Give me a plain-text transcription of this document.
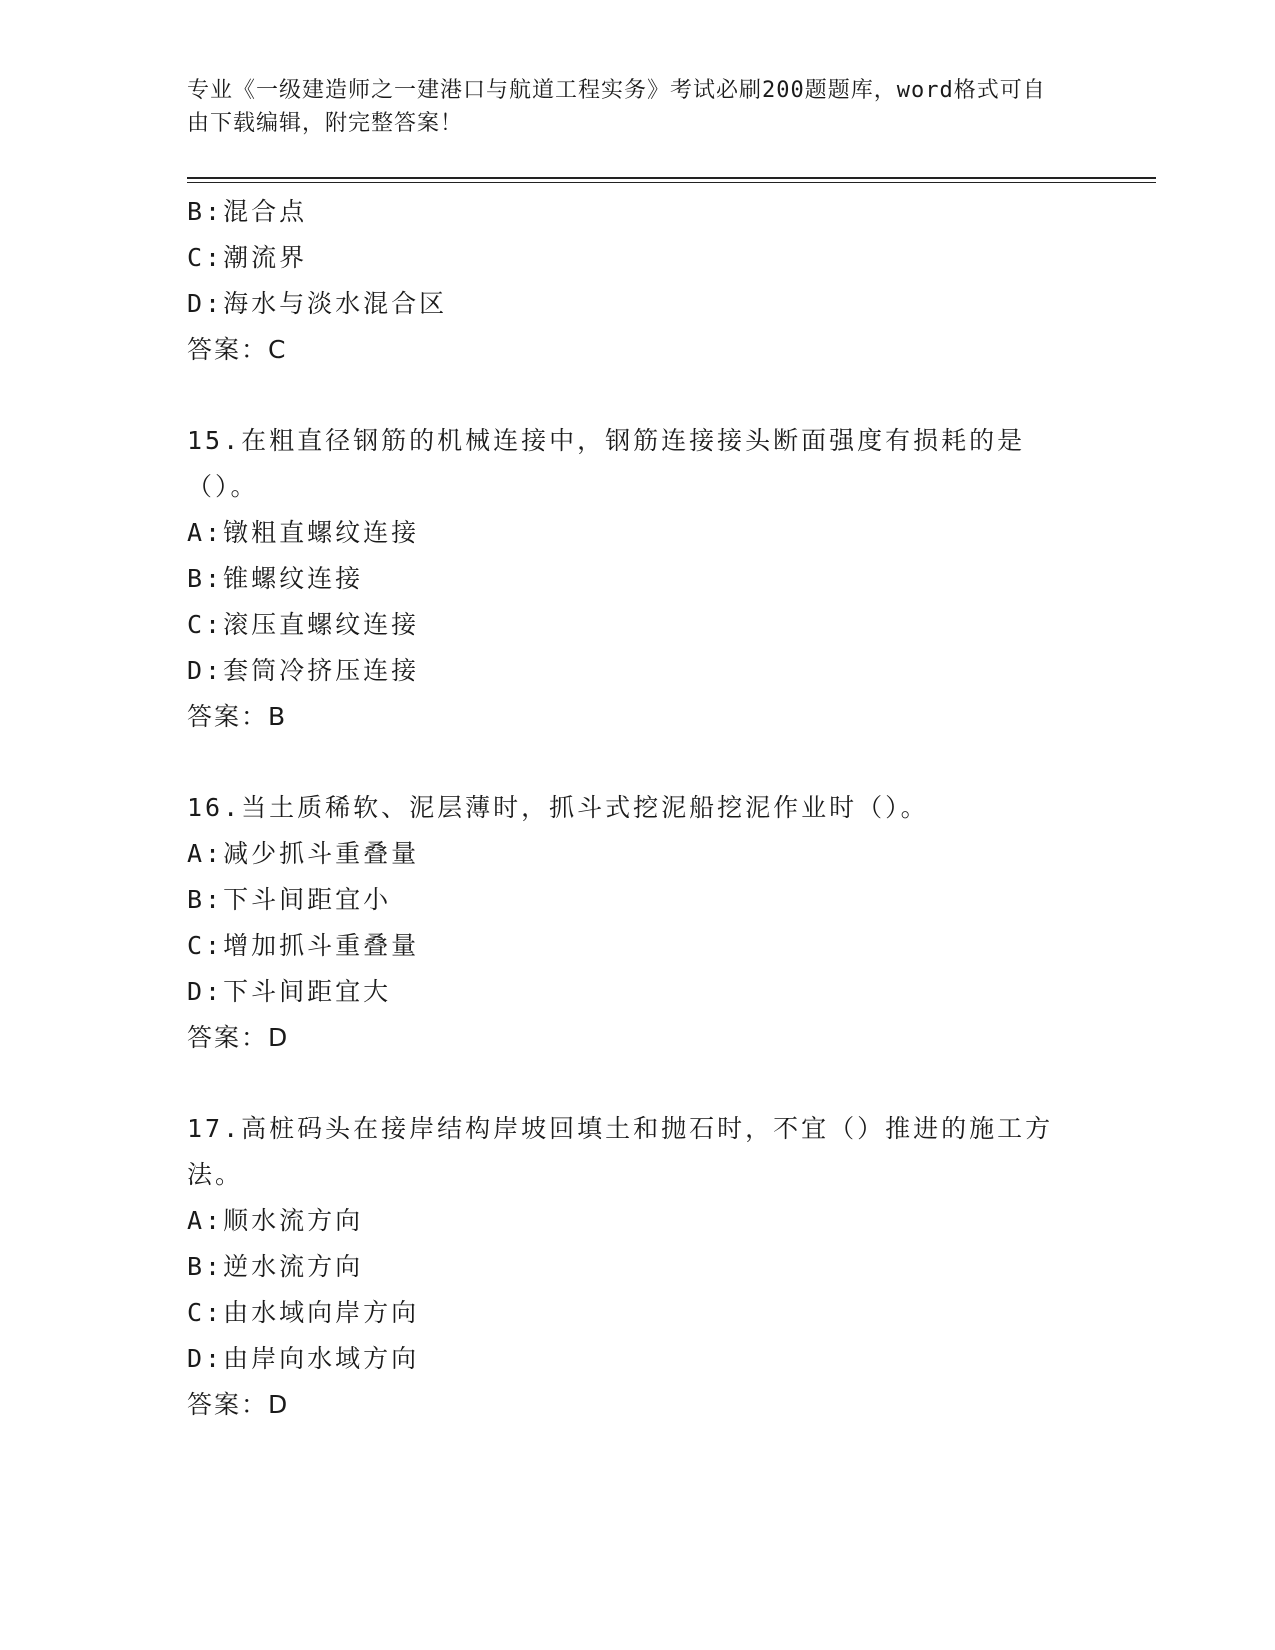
专业《一级建造师之一建港口与航道工程实务》考试必刷200题题库，word格式可自由下载编辑，附完整答案！
B:混合点
C:潮流界
D:海水与淡水混合区
答案：C
15.在粗直径钢筋的机械连接中，钢筋连接接头断面强度有损耗的是（）。
A:镦粗直螺纹连接
B:锥螺纹连接
C:滚压直螺纹连接
D:套筒冷挤压连接
答案：B
16.当土质稀软、泥层薄时，抓斗式挖泥船挖泥作业时（）。
A:减少抓斗重叠量
B:下斗间距宜小
C:增加抓斗重叠量
D:下斗间距宜大
答案：D
17.高桩码头在接岸结构岸坡回填土和抛石时，不宜（）推进的施工方法。
A:顺水流方向
B:逆水流方向
C:由水域向岸方向
D:由岸向水域方向
答案：D
